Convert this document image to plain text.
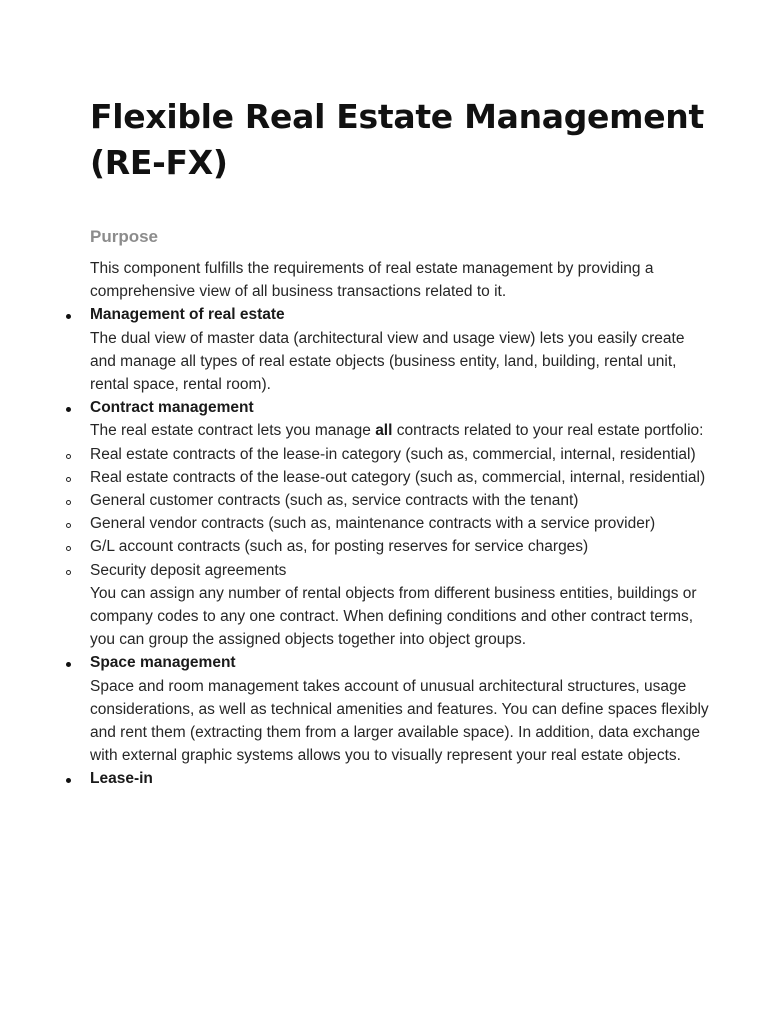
Flexible Real Estate Management (RE-FX)
Purpose

This component fulfills the requirements of real estate management by providing a comprehensive view of all business transactions related to it.

Management of real estate

The dual view of master data (architectural view and usage view) lets you easily create and manage all types of real estate objects (business entity, land, building, rental unit, rental space, rental room).

Contract management

The real estate contract lets you manage all contracts related to your real estate portfolio:

Real estate contracts of the lease-in category (such as, commercial, internal, residential)

Real estate contracts of the lease-out category (such as, commercial, internal, residential)

General customer contracts (such as, service contracts with the tenant)

General vendor contracts (such as, maintenance contracts with a service provider)

G/L account contracts (such as, for posting reserves for service charges)

Security deposit agreements

You can assign any number of rental objects from different business entities, buildings or company codes to any one contract. When defining conditions and other contract terms, you can group the assigned objects together into object groups.

Space management

Space and room management takes account of unusual architectural structures, usage considerations, as well as technical amenities and features. You can define spaces flexibly and rent them (extracting them from a larger available space). In addition, data exchange with external graphic systems allows you to visually represent your real estate objects.

Lease-in
